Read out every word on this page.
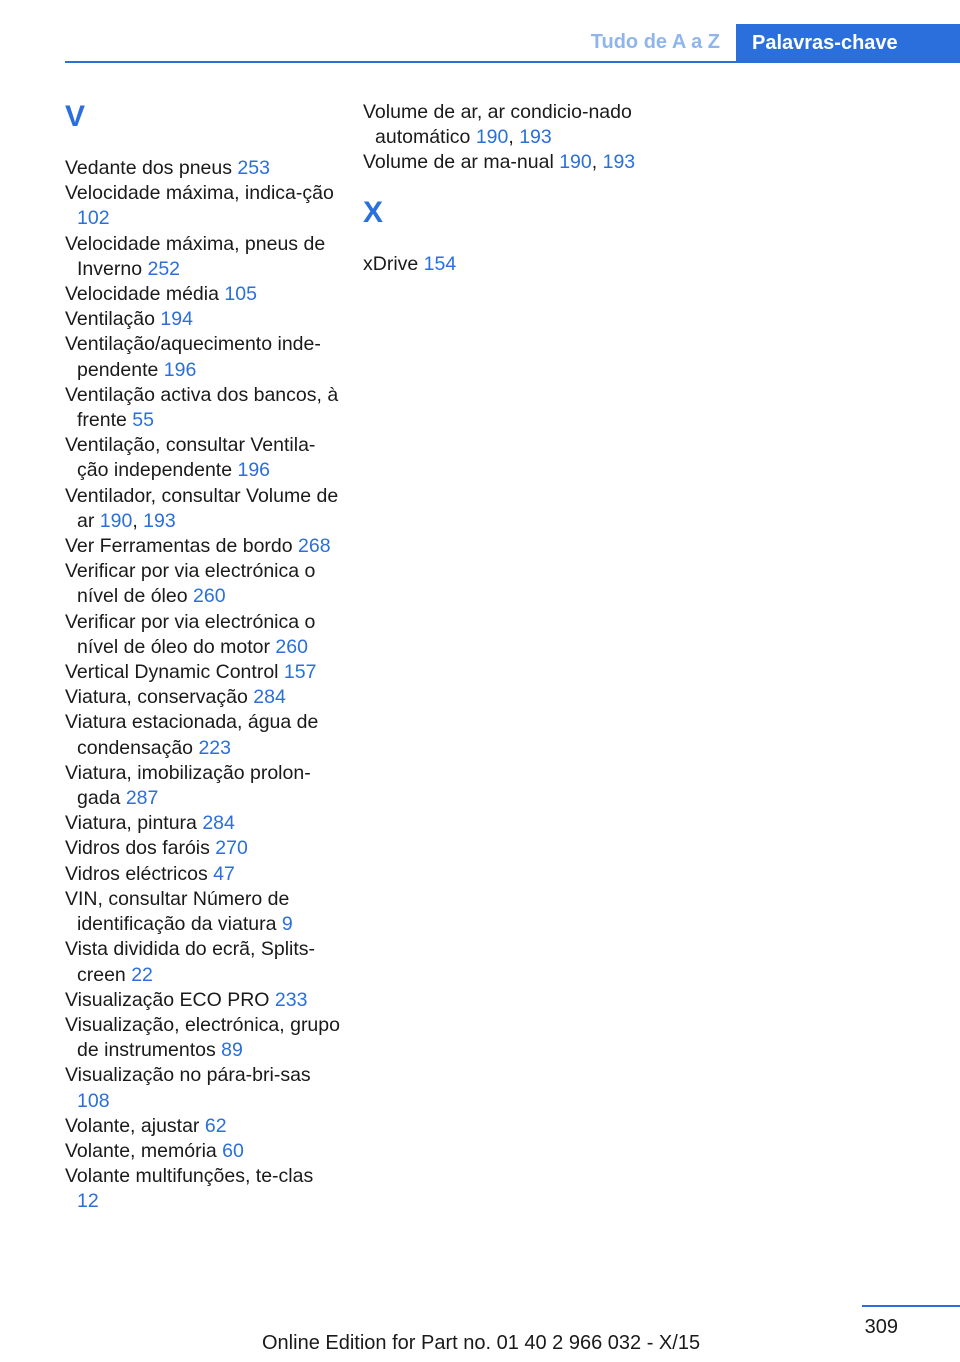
Tudo de A a Z	Palavras-chave
V
Vedante dos pneus 253
Velocidade máxima, indica-ção 102
Velocidade máxima, pneus de Inverno 252
Velocidade média 105
Ventilação 194
Ventilação/aquecimento inde-pendente 196
Ventilação activa dos bancos, à frente 55
Ventilação, consultar Ventila-ção independente 196
Ventilador, consultar Volume de ar 190, 193
Ver Ferramentas de bordo 268
Verificar por via electrónica o nível de óleo 260
Verificar por via electrónica o nível de óleo do motor 260
Vertical Dynamic Control 157
Viatura, conservação 284
Viatura estacionada, água de condensação 223
Viatura, imobilização prolon-gada 287
Viatura, pintura 284
Vidros dos faróis 270
Vidros eléctricos 47
VIN, consultar Número de identificação da viatura 9
Vista dividida do ecrã, Splits-creen 22
Visualização ECO PRO 233
Visualização, electrónica, grupo de instrumentos 89
Visualização no pára-bri-sas 108
Volante, ajustar 62
Volante, memória 60
Volante multifunções, te-clas 12
Volume de ar, ar condicio-nado automático 190, 193
Volume de ar ma-nual 190, 193
X
xDrive 154
309
Online Edition for Part no. 01 40 2 966 032 - X/15
